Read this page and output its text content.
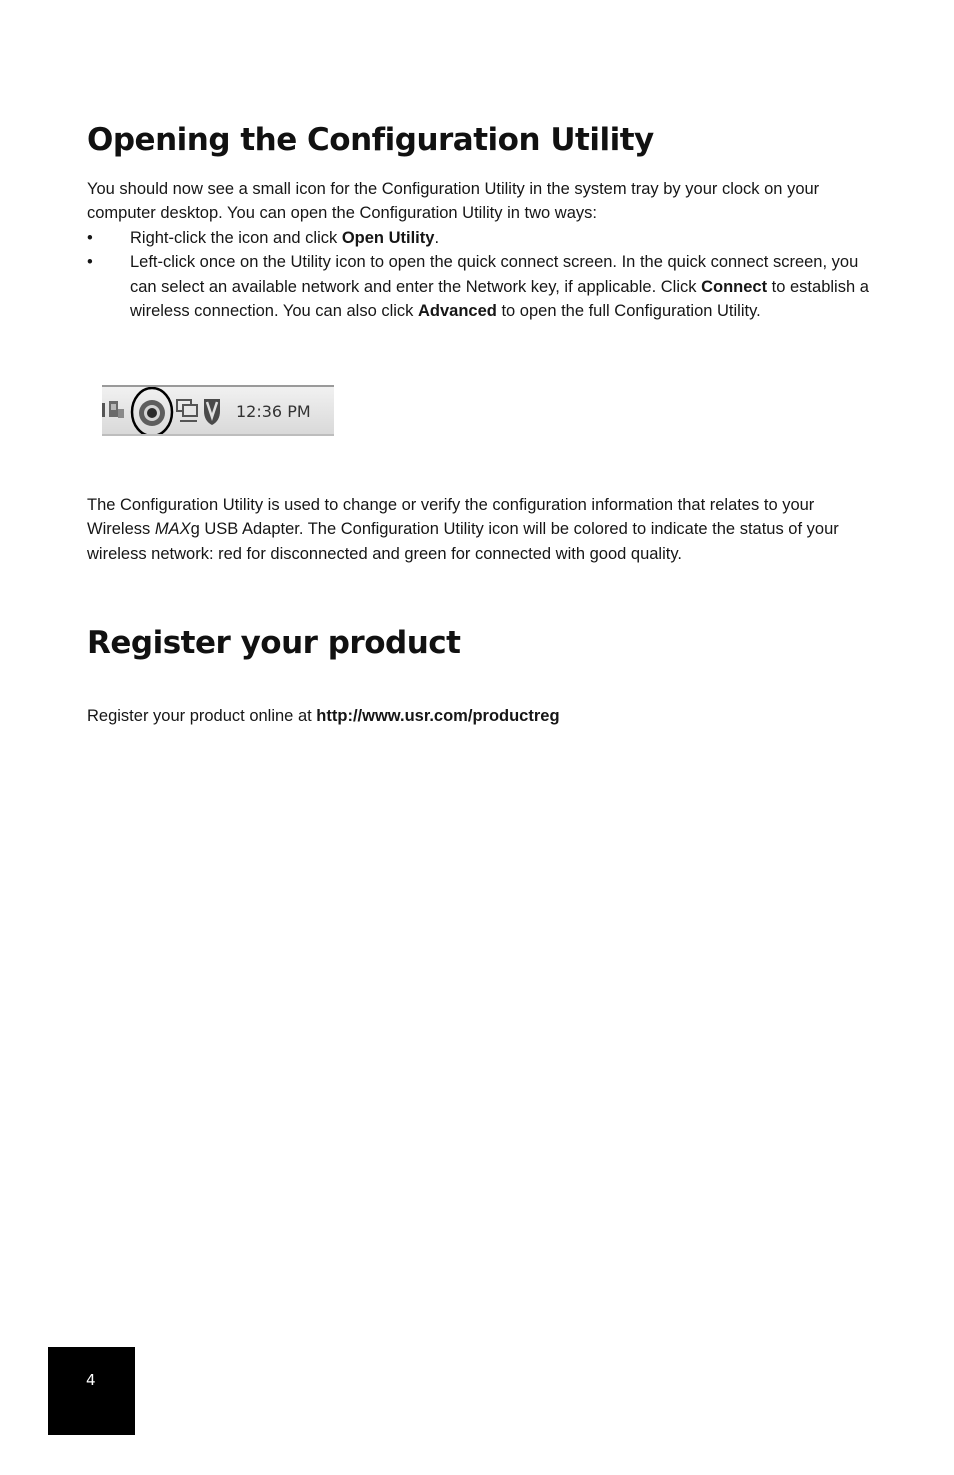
Opening the Configuration Utility

You should now see a small icon for the Configuration Utility in the system tray by your clock on your computer desktop. You can open the Configuration Utility in two ways:

• Right-click the icon and click Open Utility.
• Left-click once on the Utility icon to open the quick connect screen. In the quick connect screen, you can select an available network and enter the Network key, if applicable. Click Connect to establish a wireless connection. You can also click Advanced to open the full Configuration Utility.
12:36 PM

The Configuration Utility is used to change or verify the configuration information that relates to your Wireless MAXg USB Adapter. The Configuration Utility icon will be colored to indicate the status of your wireless network: red for disconnected and green for connected with good quality.

Register your product

Register your product online at http://www.usr.com/productreg

4
